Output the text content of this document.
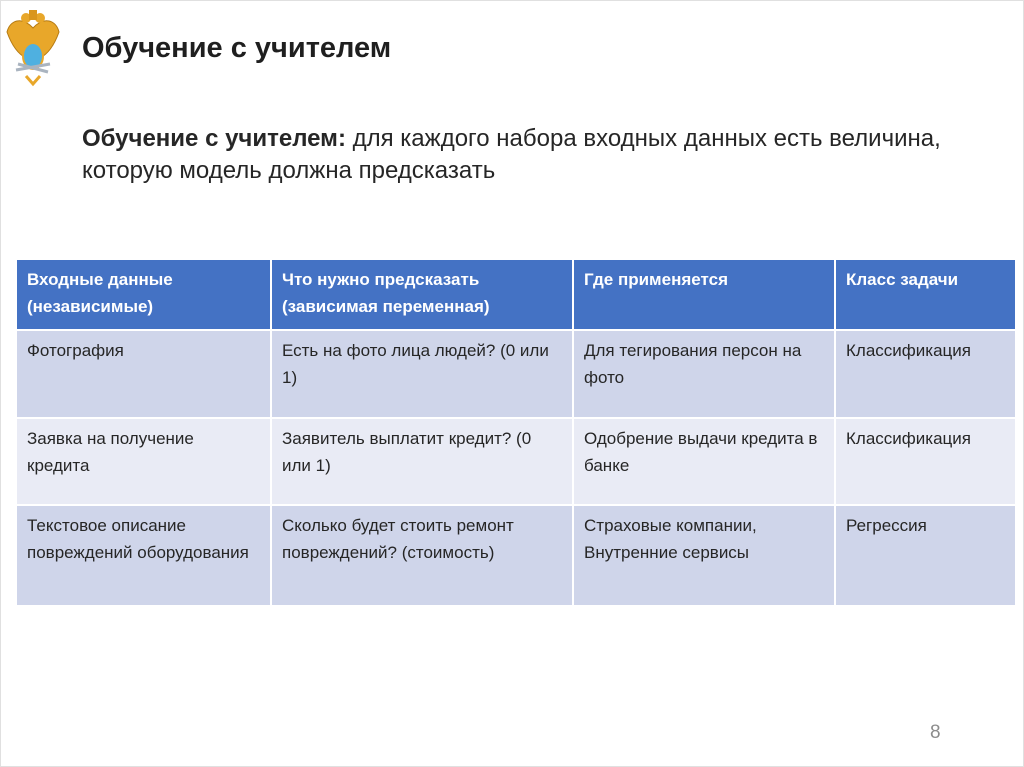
Обучение с учителем
Обучение с учителем: для каждого набора входных данных есть величина, которую модель должна предсказать
Входные данные (независимые)	Что нужно предсказать (зависимая переменная)	Где применяется	Класс задачи
Фотография	Есть на фото лица людей? (0 или 1)	Для тегирования персон на фото	Классификация
Заявка на получение кредита	Заявитель выплатит кредит? (0 или 1)	Одобрение выдачи кредита в банке	Классификация
Текстовое описание повреждений оборудования	Сколько будет стоить ремонт повреждений? (стоимость)	Страховые компании, Внутренние сервисы	Регрессия
8
